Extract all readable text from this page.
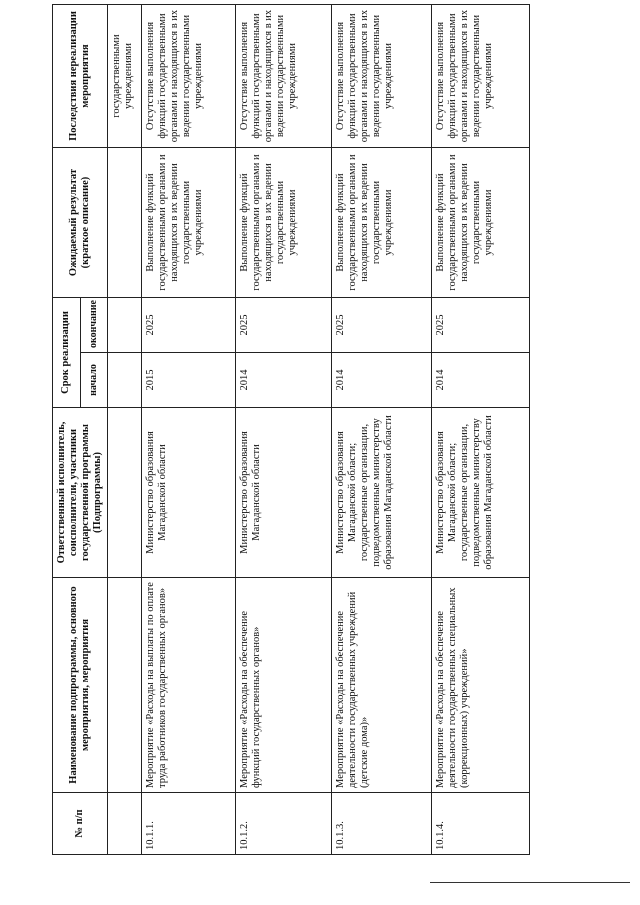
№ п/п	Наименование подпрограммы, основного мероприятия, мероприятия	Ответственный исполнитель, соисполнители, участники государственной программы (Подпрограммы)	Срок реализации		Ожидаемый результат (краткое описание)	Последствия нереализации мероприятия
			начало	окончание		
						государственными учреждениями
10.1.1.	Мероприятие «Расходы на выплаты по оплате труда работников государственных органов»	Министерство образования Магаданской области	2015	2025	Выполнение функций государственными органами и находящихся в их ведении государственными учреждениями	Отсутствие выполнения функций государственными органами и находящихся в их ведении государственными учреждениями
10.1.2.	Мероприятие «Расходы на обеспечение функций государственных органов»	Министерство образования Магаданской области	2014	2025	Выполнение функций государственными органами и находящихся в их ведении государственными учреждениями	Отсутствие выполнения функций государственными органами и находящихся в их ведении государственными учреждениями
10.1.3.	Мероприятие «Расходы на обеспечение деятельности государственных учреждений (детские дома)»	Министерство образования Магаданской области; государственные организации, подведомственные министерству образования Магаданской области	2014	2025	Выполнение функций государственными органами и находящихся в их ведении государственными учреждениями	Отсутствие выполнения функций государственными органами и находящихся в их ведении государственными учреждениями
10.1.4.	Мероприятие «Расходы на обеспечение деятельности государственных специальных (коррекционных) учреждений»	Министерство образования Магаданской области; государственные организации, подведомственные министерству образования Магаданской области	2014	2025	Выполнение функций государственными органами и находящихся в их ведении государственными учреждениями	Отсутствие выполнения функций государственными органами и находящихся в их ведении государственными учреждениями
